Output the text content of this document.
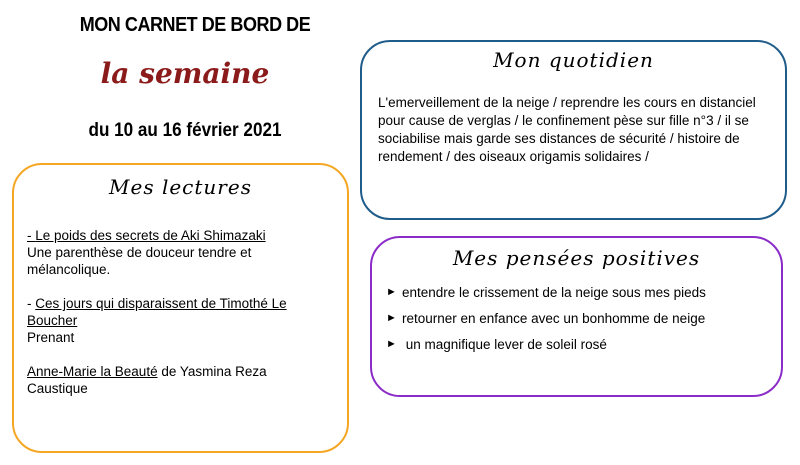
MON CARNET DE BORD DE
la semaine
du 10 au 16 février 2021
Mes lectures

- Le poids des secrets de Aki Shimazaki
Une parenthèse de douceur tendre et mélancolique.

- Ces jours qui disparaissent de Timothé Le Boucher
Prenant

Anne-Marie la Beauté de Yasmina Reza
Caustique

Mon quotidien
L'emerveillement de la neige / reprendre les cours en distanciel pour cause de verglas / le confinement pèse sur fille n°3 / il se sociabilise mais garde ses distances de sécurité / histoire de rendement / des oiseaux origamis solidaires /
Mes pensées positives
► entendre le crissement de la neige sous mes pieds
► retourner en enfance avec un bonhomme de neige
► un magnifique lever de soleil rosé
